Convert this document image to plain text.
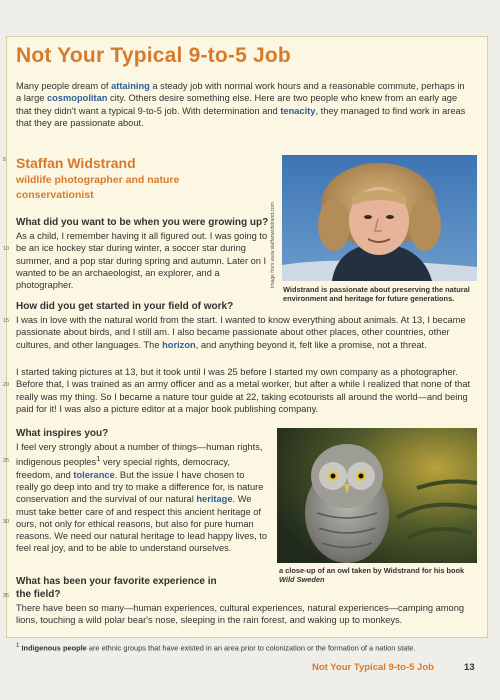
Not Your Typical 9-to-5 Job
Many people dream of attaining a steady job with normal work hours and a reasonable commute, perhaps in a large cosmopolitan city. Others desire something else. Here are two people who knew from an early age that they didn't want a typical 9-to-5 job. With determination and tenacity, they managed to find work in areas that they are passionate about.
5 Staffan Widstrand
wildlife photographer and nature conservationist
What did you want to be when you were growing up?
10
As a child, I remember having it all figured out. I was going to be an ice hockey star during winter, a soccer star during summer, and a pop star during spring and autumn. Later on I wanted to be an archaeologist, an explorer, and a photographer.
How did you get started in your field of work?
15 I was in love with the natural world from the start. I wanted to know everything about animals. At 13, I became passionate about birds, and I still am. I also became passionate about other places, other countries, other cultures, and other languages. The horizon, and anything beyond it, felt like a promise, not a threat.
20
I started taking pictures at 13, but it took until I was 25 before I started my own company as a photographer. Before that, I was trained as an army officer and as a metal worker, but after a while I realized that none of that really was my thing. So I became a nature tour guide at 22, taking ecotourists all around the world—and being paid for it! I was also a picture editor at a major book publishing company.
What inspires you?
25
30
I feel very strongly about a number of things—human rights, indigenous peoples$^1$ very special rights, democracy, freedom, and tolerance. But the issue I have chosen to really go deep into and try to make a difference for, is nature conservation and the survival of our natural heritage. We must take better care of and respect this ancient heritage of ours, not only for ethical reasons, but also for pure human reasons. We need our natural heritage to lead happy lives, to feel real joy, and to be able to understand ourselves.
What has been your favorite experience in the field?
35
There have been so many—human experiences, cultural experiences, natural experiences—camping among lions, touching a wild polar bear's nose, sleeping in the rain forest, and waking up to monkeys.
Image from www.staffanwidstrand.com
Widstrand is passionate about preserving the natural environment and heritage for future generations.
a close-up of an owl taken by Widstrand for his book Wild Sweden
$^1$ Indigenous people are ethnic groups that have existed in an area prior to colonization or the formation of a nation state.
Not Your Typical 9-to-5 Job	13
